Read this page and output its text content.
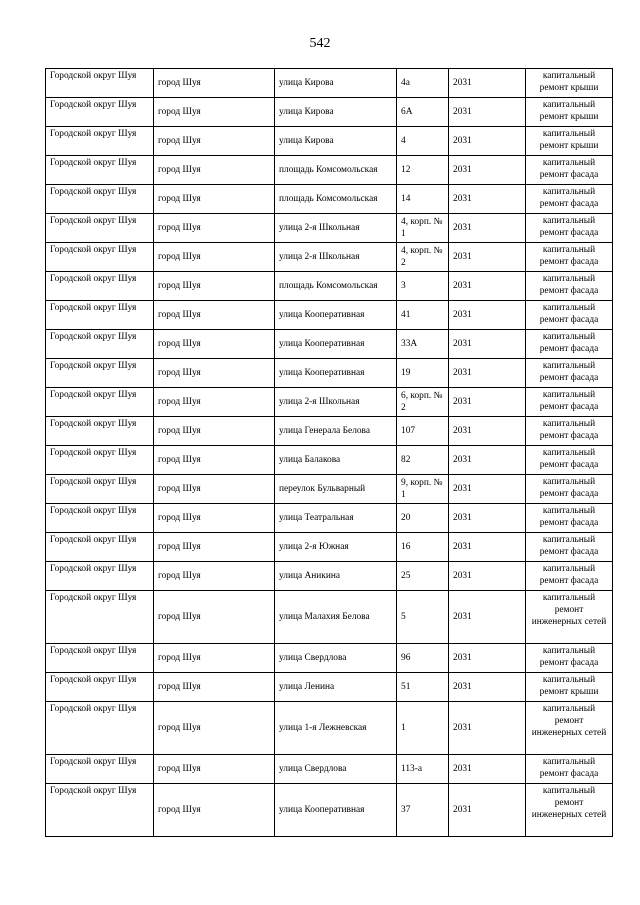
542
Городской округ Шуя	город Шуя	улица Кирова	4а	2031	капитальный ремонт крыши
Городской округ Шуя	город Шуя	улица Кирова	6А	2031	капитальный ремонт крыши
Городской округ Шуя	город Шуя	улица Кирова	4	2031	капитальный ремонт крыши
Городской округ Шуя	город Шуя	площадь Комсомольская	12	2031	капитальный ремонт фасада
Городской округ Шуя	город Шуя	площадь Комсомольская	14	2031	капитальный ремонт фасада
Городской округ Шуя	город Шуя	улица 2-я Школьная	4, корп. № 1	2031	капитальный ремонт фасада
Городской округ Шуя	город Шуя	улица 2-я Школьная	4, корп. № 2	2031	капитальный ремонт фасада
Городской округ Шуя	город Шуя	площадь Комсомольская	3	2031	капитальный ремонт фасада
Городской округ Шуя	город Шуя	улица Кооперативная	41	2031	капитальный ремонт фасада
Городской округ Шуя	город Шуя	улица Кооперативная	33А	2031	капитальный ремонт фасада
Городской округ Шуя	город Шуя	улица Кооперативная	19	2031	капитальный ремонт фасада
Городской округ Шуя	город Шуя	улица 2-я Школьная	6, корп. № 2	2031	капитальный ремонт фасада
Городской округ Шуя	город Шуя	улица Генерала Белова	107	2031	капитальный ремонт фасада
Городской округ Шуя	город Шуя	улица Балакова	82	2031	капитальный ремонт фасада
Городской округ Шуя	город Шуя	переулок Бульварный	9, корп. № 1	2031	капитальный ремонт фасада
Городской округ Шуя	город Шуя	улица Театральная	20	2031	капитальный ремонт фасада
Городской округ Шуя	город Шуя	улица 2-я Южная	16	2031	капитальный ремонт фасада
Городской округ Шуя	город Шуя	улица Аникина	25	2031	капитальный ремонт фасада
Городской округ Шуя	город Шуя	улица Малахия Белова	5	2031	капитальный ремонт инженерных сетей
Городской округ Шуя	город Шуя	улица Свердлова	96	2031	капитальный ремонт фасада
Городской округ Шуя	город Шуя	улица Ленина	51	2031	капитальный ремонт крыши
Городской округ Шуя	город Шуя	улица 1-я Лежневская	1	2031	капитальный ремонт инженерных сетей
Городской округ Шуя	город Шуя	улица Свердлова	113-а	2031	капитальный ремонт фасада
Городской округ Шуя	город Шуя	улица Кооперативная	37	2031	капитальный ремонт инженерных сетей
